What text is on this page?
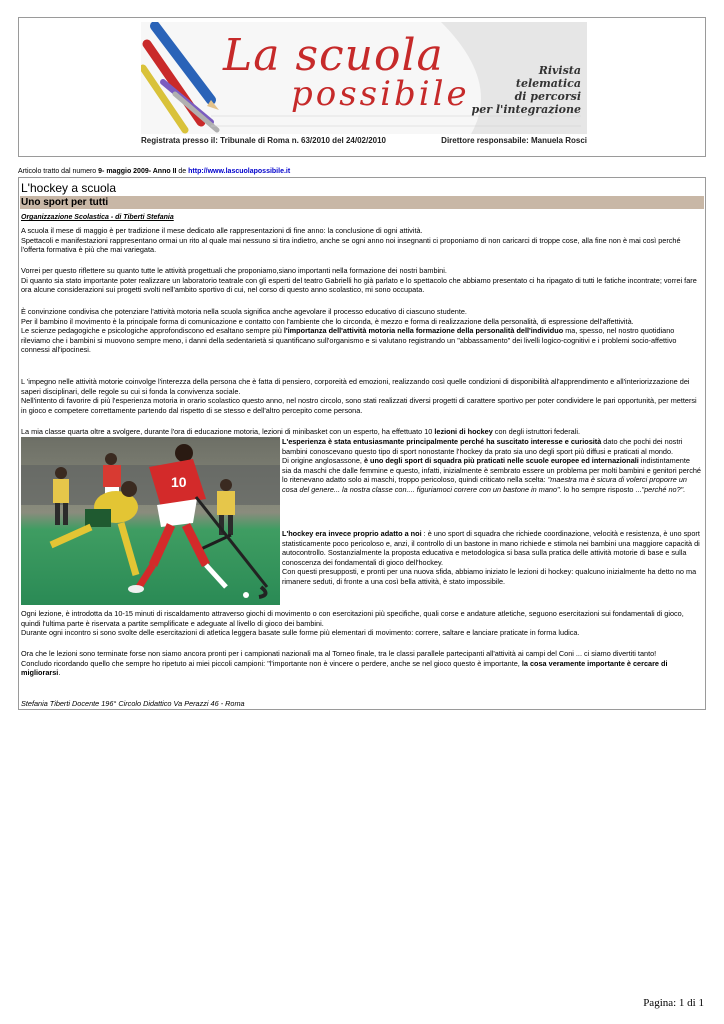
La scuola
possibile
Rivista
telematica
di percorsi
per l'integrazione
Registrata presso il: Tribunale di Roma n. 63/2010 del 24/02/2010	Direttore responsabile: Manuela Rosci
Articolo tratto dal numero 9- maggio 2009- Anno II de http://www.lascuolapossibile.it
L'hockey a scuola
Uno sport per tutti
Organizzazione Scolastica - di Tiberti Stefania

A scuola il mese di maggio è per tradizione il mese dedicato alle rappresentazioni di fine anno: la conclusione di ogni attività.
Spettacoli e manifestazioni rappresentano ormai un rito al quale mai nessuno si tira indietro, anche se ogni anno noi insegnanti ci proponiamo di non caricarci di troppe cose, alla fine non è mai così perché l'offerta formativa è più che mai variegata.

Vorrei per questo riflettere su quanto tutte le attività progettuali che proponiamo,siano importanti nella formazione dei nostri bambini.
Di quanto sia stato importante poter realizzare un laboratorio teatrale con gli esperti del teatro Gabrielli ho già parlato e lo spettacolo che abbiamo presentato ci ha ripagato di tutti le fatiche incontrate; vorrei fare ora alcune considerazioni sui progetti svolti nell'ambito sportivo di cui, nel corso di questo anno scolastico, mi sono occupata.

È convinzione condivisa che potenziare l'attività motoria nella scuola significa anche agevolare il processo educativo di ciascuno studente.
Per il bambino il movimento è la principale forma di comunicazione e contatto con l'ambiente che lo circonda, è mezzo e forma di realizzazione della personalità, di espressione dell'affettività.
Le scienze pedagogiche e psicologiche approfondiscono ed esaltano sempre più l'importanza dell'attività motoria nella formazione della personalità dell'individuo ma, spesso, nel nostro quotidiano rileviamo che i bambini si muovono sempre meno, i danni della sedentarietà si quantificano sull'organismo e si valutano registrando un "abbassamento" dei livelli logico-cognitivi e i problemi socio-affettivo connessi all'ipocinesi.

L 'impegno nelle attività motorie coinvolge l'interezza della persona che è fatta di pensiero, corporeità ed emozioni, realizzando così quelle condizioni di disponibilità all'apprendimento e all'interiorizzazione dei saperi disciplinari, delle regole su cui si fonda la convivenza sociale.
Nell'intento di favorire di più l'esperienza motoria in orario scolastico questo anno, nel nostro circolo, sono stati realizzati diversi progetti di carattere sportivo per poter condividere le pari opportunità, per mettersi in gioco e competere correttamente partendo dal rispetto di se stesso e dell'altro percepito come persona.

La mia classe quarta oltre a svolgere, durante l'ora di educazione motoria, lezioni di minibasket con un esperto, ha effettuato 10 lezioni di hockey con degli istruttori federali.

10

L'esperienza è stata entusiasmante principalmente perché ha suscitato interesse e curiosità dato che pochi dei nostri bambini conoscevano questo tipo di sport nonostante l'hockey da prato sia uno degli sport più diffusi e praticati al mondo.
Di origine anglosassone, è uno degli sport di squadra più praticati nelle scuole europee ed internazionali indistintamente sia da maschi che dalle femmine e questo, infatti, inizialmente è sembrato essere un problema per molti bambini e genitori perché lo ritenevano adatto solo ai maschi, troppo pericoloso, quindi criticato nella scelta: "maestra ma è sicura di volerci proporre un cosa del genere... la nostra classe con.... figuriamoci correre con un bastone in mano". lo ho sempre risposto ..."perché no?".

L'hockey era invece proprio adatto a noi : è uno sport di squadra che richiede coordinazione, velocità e resistenza, è uno sport statisticamente poco pericoloso e, anzi, il controllo di un bastone in mano richiede e stimola nei bambini una maggiore capacità di autocontrollo. Sostanzialmente la proposta educativa e metodologica si basa sulla pratica delle attività motorie di base e sulla conoscenza dei fondamentali di gioco dell'hockey.
Con questi presupposti, e pronti per una nuova sfida, abbiamo iniziato le lezioni di hockey: qualcuno inizialmente ha detto no ma rimanere seduti, di fronte a una così bella attività, è stato impossibile.

Ogni lezione, è introdotta da 10-15 minuti di riscaldamento attraverso giochi di movimento o con esercitazioni più specifiche, quali corse e andature atletiche, seguono esercitazioni sui fondamentali di gioco, quindi l'ultima parte è riservata a partite semplificate e adeguate al livello di gioco dei bambini.
Durante ogni incontro si sono svolte delle esercitazioni di atletica leggera basate sulle forme più elementari di movimento: correre, saltare e lanciare praticate in forma ludica.

Ora che le lezioni sono terminate forse non siamo ancora pronti per i campionati nazionali ma al Torneo finale, tra le classi parallele partecipanti all'attività ai campi del Coni ... ci siamo divertiti tanto!
Concludo ricordando quello che sempre ho ripetuto ai miei piccoli campioni: "l'importante non è vincere o perdere, anche se nel gioco questo è importante, la cosa veramente importante è cercare di migliorarsi.

Stefania Tiberti Docente 196° Circolo Didattico Va Perazzi 46 - Roma
Pagina: 1 di 1
